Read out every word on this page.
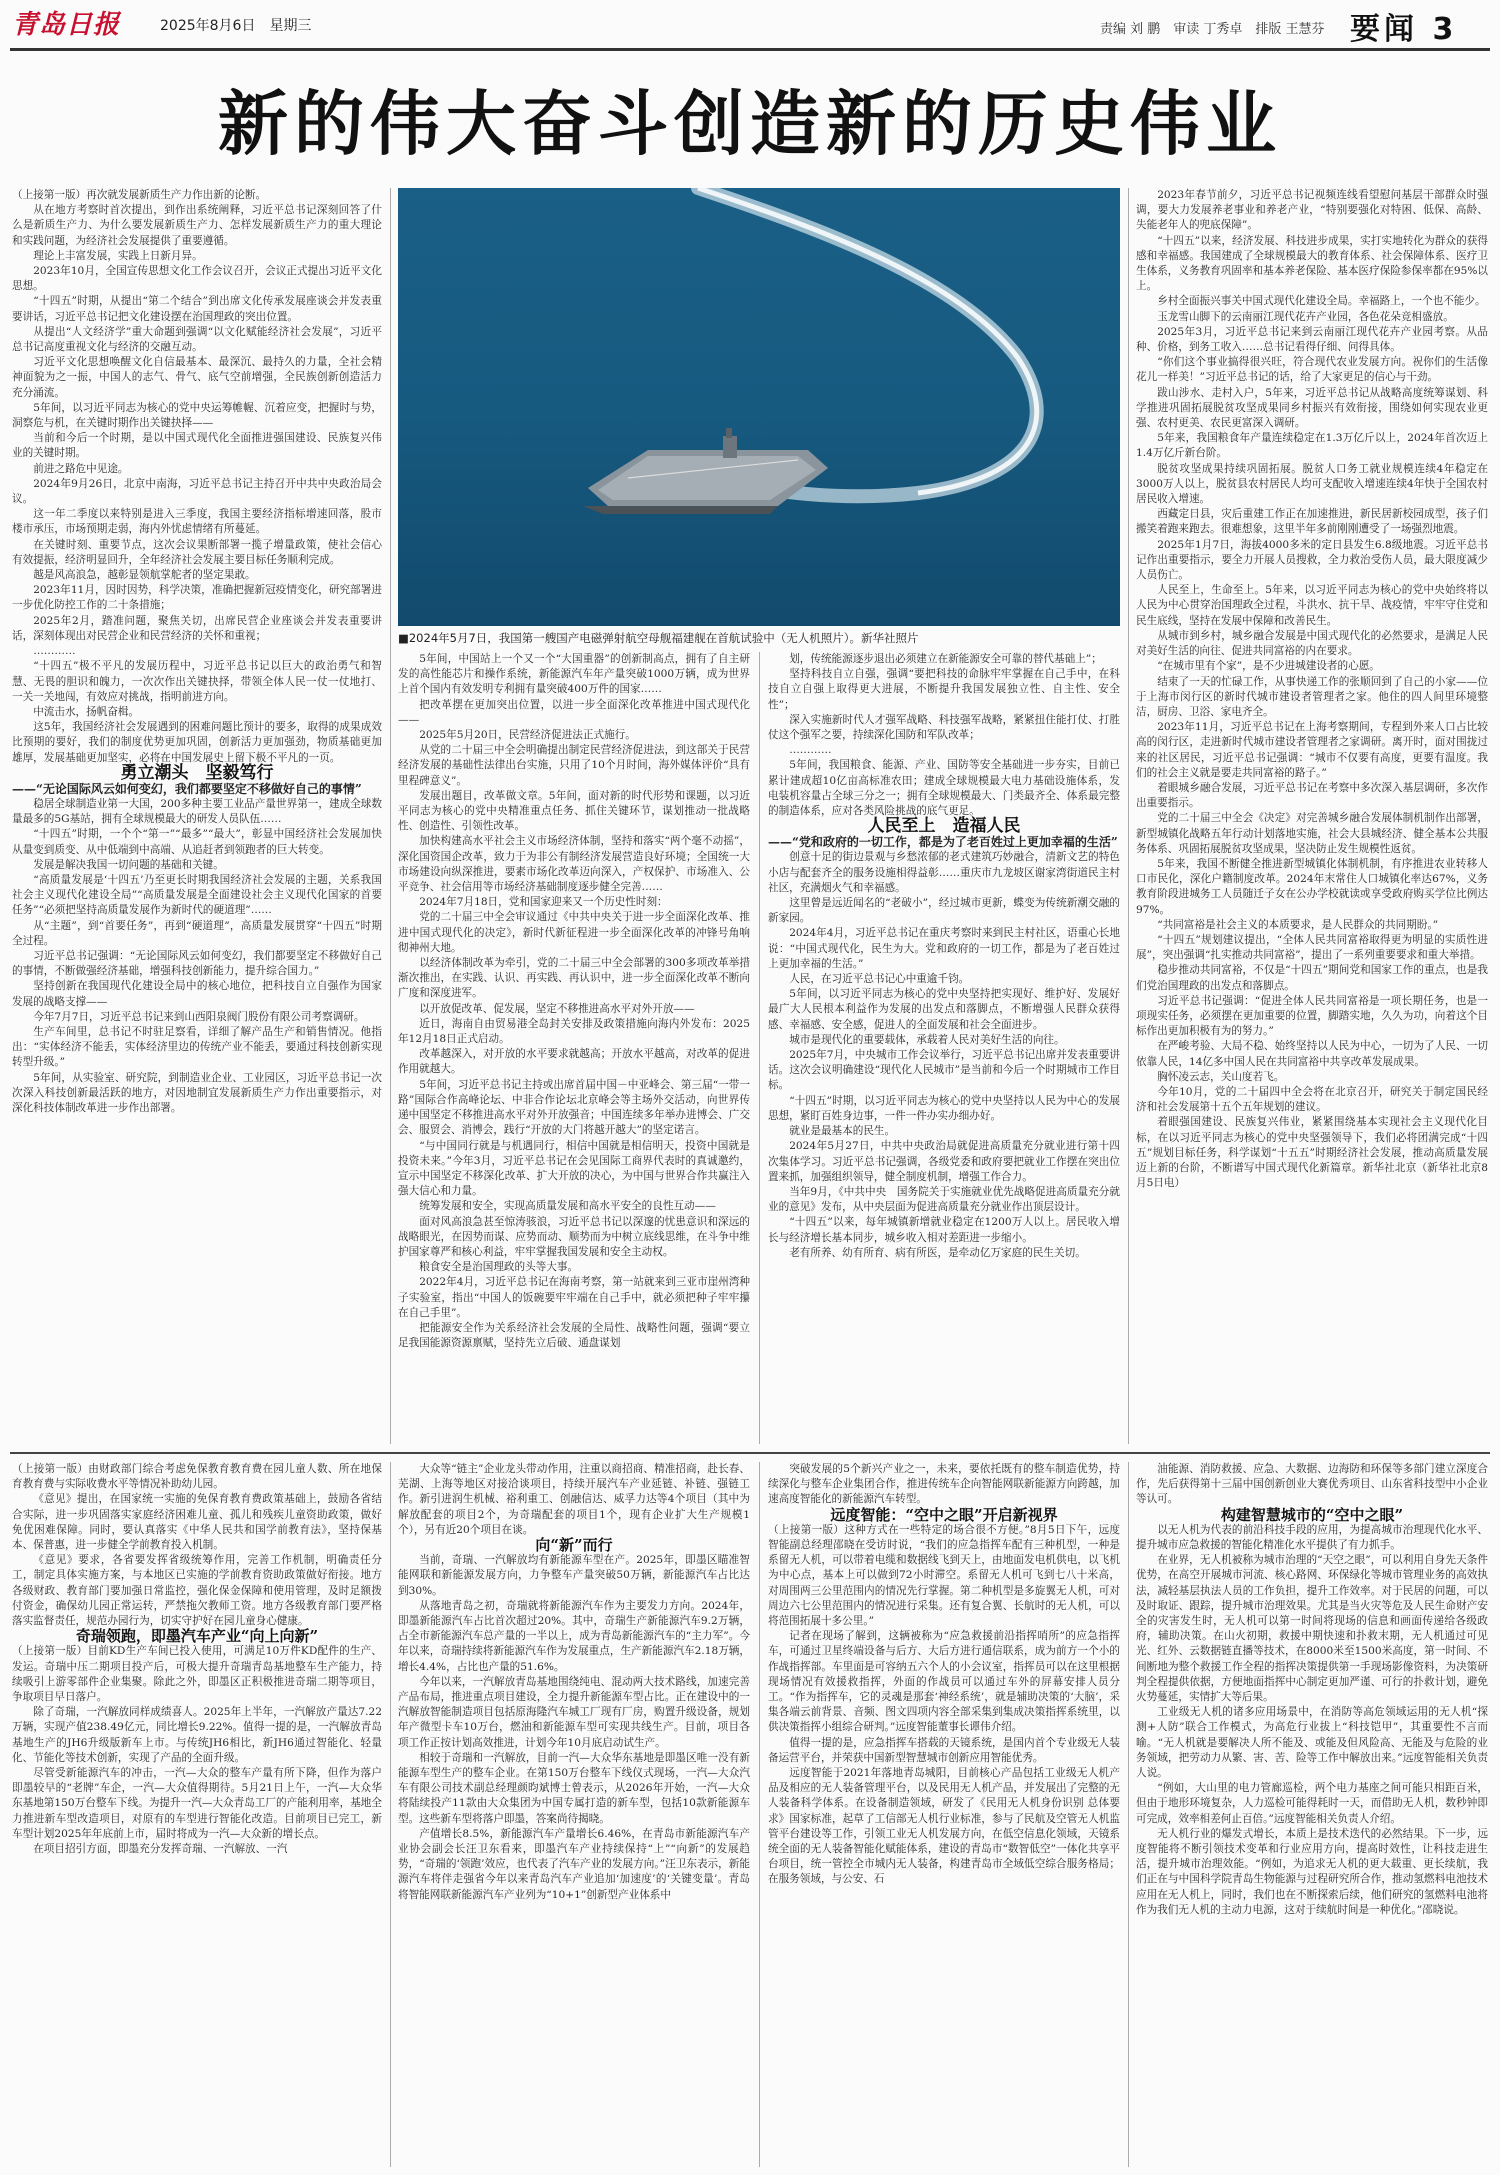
青岛日报	2025年8月6日　星期三	责编 刘 鹏　审读 丁秀卓　排版 王慧芬 要闻 3
新的伟大奋斗创造新的历史伟业
■2024年5月7日，我国第一艘国产电磁弹射航空母舰福建舰在首航试验中（无人机照片）。新华社照片

（上接第一版）再次就发展新质生产力作出新的论断。

从在地方考察时首次提出，到作出系统阐释，习近平总书记深刻回答了什么是新质生产力、为什么要发展新质生产力、怎样发展新质生产力的重大理论和实践问题，为经济社会发展提供了重要遵循。

理论上丰富发展，实践上日新月异。

2023年10月，全国宣传思想文化工作会议召开，会议正式提出习近平文化思想。

“十四五”时期，从提出“第二个结合”到出席文化传承发展座谈会并发表重要讲话，习近平总书记把文化建设摆在治国理政的突出位置。

从提出“人文经济学”重大命题到强调“以文化赋能经济社会发展”，习近平总书记高度重视文化与经济的交融互动。

习近平文化思想唤醒文化自信最基本、最深沉、最持久的力量，全社会精神面貌为之一振，中国人的志气、骨气、底气空前增强，全民族创新创造活力充分涌流。

5年间，以习近平同志为核心的党中央运筹帷幄、沉着应变，把握时与势，洞察危与机，在关键时期作出关键抉择——

当前和今后一个时期，是以中国式现代化全面推进强国建设、民族复兴伟业的关键时期。

前进之路危中见途。

2024年9月26日，北京中南海，习近平总书记主持召开中共中央政治局会议。

这一年二季度以来特别是进入三季度，我国主要经济指标增速回落，股市楼市承压，市场预期走弱，海内外忧虑情绪有所蔓延。

在关键时刻、重要节点，这次会议果断部署一揽子增量政策，使社会信心有效提振，经济明显回升，全年经济社会发展主要目标任务顺利完成。

越是风高浪急，越彰显领航掌舵者的坚定果敢。

2023年11月，因时因势，科学决策，准确把握新冠疫情变化，研究部署进一步优化防控工作的二十条措施；

2025年2月，踏准问题，聚焦关切，出席民营企业座谈会并发表重要讲话，深刻体现出对民营企业和民营经济的关怀和重视；

…………

“十四五”极不平凡的发展历程中，习近平总书记以巨大的政治勇气和智慧、无畏的胆识和魄力，一次次作出关键抉择，带领全体人民一仗一仗地打、一关一关地闯，有效应对挑战，指明前进方向。

中流击水，扬帆奋楫。

这5年，我国经济社会发展遇到的困难问题比预计的要多，取得的成果成效比预期的要好，我们的制度优势更加巩固，创新活力更加强劲，物质基础更加雄厚，发展基础更加坚实，必将在中国发展史上留下极不平凡的一页。

勇立潮头　坚毅笃行

——“无论国际风云如何变幻，我们都要坚定不移做好自己的事情”

稳居全球制造业第一大国，200多种主要工业品产量世界第一，建成全球数量最多的5G基站，拥有全球规模最大的研发人员队伍……

“十四五”时期，一个个“第一”“最多”“最大”，彰显中国经济社会发展加快从量变到质变、从中低端到中高端、从追赶者到领跑者的巨大转变。

发展是解决我国一切问题的基础和关键。

“高质量发展是‘十四五’乃至更长时期我国经济社会发展的主题，关系我国社会主义现代化建设全局”“高质量发展是全面建设社会主义现代化国家的首要任务”“必须把坚持高质量发展作为新时代的硬道理”……

从“主题”，到“首要任务”，再到“硬道理”，高质量发展贯穿“十四五”时期全过程。

习近平总书记强调：“无论国际风云如何变幻，我们都要坚定不移做好自己的事情，不断做强经济基础，增强科技创新能力，提升综合国力。”

坚持创新在我国现代化建设全局中的核心地位，把科技自立自强作为国家发展的战略支撑——

今年7月7日，习近平总书记来到山西阳泉阀门股份有限公司考察调研。

生产车间里，总书记不时驻足察看，详细了解产品生产和销售情况。他指出：“实体经济不能丢，实体经济里边的传统产业不能丢，要通过科技创新实现转型升级。”

5年间，从实验室、研究院，到制造业企业、工业园区，习近平总书记一次次深入科技创新最活跃的地方，对因地制宜发展新质生产力作出重要指示，对深化科技体制改革进一步作出部署。

5年间，中国站上一个又一个“大国重器”的创新制高点，拥有了自主研发的高性能芯片和操作系统，新能源汽车年产量突破1000万辆，成为世界上首个国内有效发明专利拥有量突破400万件的国家……

把改革摆在更加突出位置，以进一步全面深化改革推进中国式现代化——

2025年5月20日，民营经济促进法正式施行。

从党的二十届三中全会明确提出制定民营经济促进法，到这部关于民营经济发展的基础性法律出台实施，只用了10个月时间，海外媒体评价“具有里程碑意义”。

发展出题目，改革做文章。5年间，面对新的时代形势和课题，以习近平同志为核心的党中央精准重点任务、抓住关键环节，谋划推动一批战略性、创造性、引领性改革。

加快构建高水平社会主义市场经济体制，坚持和落实“两个毫不动摇”，深化国资国企改革，致力于为非公有制经济发展营造良好环境；全国统一大市场建设向纵深推进，要素市场化改革迈向深入，产权保护、市场准入、公平竞争、社会信用等市场经济基础制度逐步健全完善……

2024年7月18日，党和国家迎来又一个历史性时刻：

党的二十届三中全会审议通过《中共中央关于进一步全面深化改革、推进中国式现代化的决定》，新时代新征程进一步全面深化改革的冲锋号角响彻神州大地。

以经济体制改革为牵引，党的二十届三中全会部署的300多项改革举措渐次推出，在实践、认识、再实践、再认识中，进一步全面深化改革不断向广度和深度进军。

以开放促改革、促发展，坚定不移推进高水平对外开放——

近日，海南自由贸易港全岛封关安排及政策措施向海内外发布：2025年12月18日正式启动。

改革越深入，对开放的水平要求就越高；开放水平越高，对改革的促进作用就越大。

5年间，习近平总书记主持或出席首届中国－中亚峰会、第三届“一带一路”国际合作高峰论坛、中非合作论坛北京峰会等主场外交活动，向世界传递中国坚定不移推进高水平对外开放强音；中国连续多年举办进博会、广交会、服贸会、消博会，践行“开放的大门将越开越大”的坚定诺言。

“与中国同行就是与机遇同行，相信中国就是相信明天，投资中国就是投资未来。”今年3月，习近平总书记在会见国际工商界代表时的真诚邀约，宣示中国坚定不移深化改革、扩大开放的决心，为中国与世界合作共赢注入强大信心和力量。

统筹发展和安全，实现高质量发展和高水平安全的良性互动——

面对风高浪急甚至惊涛骇浪，习近平总书记以深邃的忧患意识和深远的战略眼光，在因势而谋、应势而动、顺势而为中树立底线思维，在斗争中维护国家尊严和核心利益，牢牢掌握我国发展和安全主动权。

粮食安全是治国理政的头等大事。

2022年4月，习近平总书记在海南考察，第一站就来到三亚市崖州湾种子实验室，指出“中国人的饭碗要牢牢端在自己手中，就必须把种子牢牢攥在自己手里”。

把能源安全作为关系经济社会发展的全局性、战略性问题，强调“要立足我国能源资源禀赋，坚持先立后破、通盘谋划

划，传统能源逐步退出必须建立在新能源安全可靠的替代基础上”；

坚持科技自立自强，强调“要把科技的命脉牢牢掌握在自己手中，在科技自立自强上取得更大进展，不断提升我国发展独立性、自主性、安全性”；

深入实施新时代人才强军战略、科技强军战略，紧紧扭住能打仗、打胜仗这个强军之要，持续深化国防和军队改革；

…………

5年间，我国粮食、能源、产业、国防等安全基础进一步夯实，目前已累计建成超10亿亩高标准农田；建成全球规模最大电力基础设施体系，发电装机容量占全球三分之一；拥有全球规模最大、门类最齐全、体系最完整的制造体系，应对各类风险挑战的底气更足。

人民至上　造福人民

——“党和政府的一切工作，都是为了老百姓过上更加幸福的生活”

创意十足的街边景观与乡愁浓郁的老式建筑巧妙融合，清新文艺的特色小店与配套齐全的服务设施相得益彰……重庆市九龙坡区谢家湾街道民主村社区，充满烟火气和幸福感。

这里曾是远近闻名的“老破小”，经过城市更新，蝶变为传统新潮交融的新家园。

2024年4月，习近平总书记在重庆考察时来到民主村社区，语重心长地说：“中国式现代化，民生为大。党和政府的一切工作，都是为了老百姓过上更加幸福的生活。”

人民，在习近平总书记心中重逾千钧。

5年间，以习近平同志为核心的党中央坚持把实现好、维护好、发展好最广大人民根本利益作为发展的出发点和落脚点，不断增强人民群众获得感、幸福感、安全感，促进人的全面发展和社会全面进步。

城市是现代化的重要载体，承载着人民对美好生活的向往。

2025年7月，中央城市工作会议举行，习近平总书记出席并发表重要讲话。这次会议明确建设“现代化人民城市”是当前和今后一个时期城市工作目标。

“十四五”时期，以习近平同志为核心的党中央坚持以人民为中心的发展思想，紧盯百姓身边事，一件一件办实办细办好。

就业是最基本的民生。

2024年5月27日，中共中央政治局就促进高质量充分就业进行第十四次集体学习。习近平总书记强调，各级党委和政府要把就业工作摆在突出位置来抓，加强组织领导，健全制度机制，增强工作合力。

当年9月，《中共中央　国务院关于实施就业优先战略促进高质量充分就业的意见》发布，从中央层面为促进高质量充分就业作出顶层设计。

“十四五”以来，每年城镇新增就业稳定在1200万人以上。居民收入增长与经济增长基本同步，城乡收入相对差距进一步缩小。

老有所养、幼有所育、病有所医，是牵动亿万家庭的民生关切。

2023年春节前夕，习近平总书记视频连线看望慰问基层干部群众时强调，要大力发展养老事业和养老产业，“特别要强化对特困、低保、高龄、失能老年人的兜底保障”。

“十四五”以来，经济发展、科技进步成果，实打实地转化为群众的获得感和幸福感。我国建成了全球规模最大的教育体系、社会保障体系、医疗卫生体系，义务教育巩固率和基本养老保险、基本医疗保险参保率都在95%以上。

乡村全面振兴事关中国式现代化建设全局。幸福路上，一个也不能少。

玉龙雪山脚下的云南丽江现代花卉产业园，各色花朵竞相盛放。

2025年3月，习近平总书记来到云南丽江现代花卉产业园考察。从品种、价格，到务工收入……总书记看得仔细、问得具体。

“你们这个事业搞得很兴旺，符合现代农业发展方向。祝你们的生活像花儿一样美！”习近平总书记的话，给了大家更足的信心与干劲。

跋山涉水、走村入户，5年来，习近平总书记从战略高度统筹谋划、科学推进巩固拓展脱贫攻坚成果同乡村振兴有效衔接，围绕如何实现农业更强、农村更美、农民更富深入调研。

5年来，我国粮食年产量连续稳定在1.3万亿斤以上，2024年首次迈上1.4万亿斤新台阶。

脱贫攻坚成果持续巩固拓展。脱贫人口务工就业规模连续4年稳定在3000万人以上，脱贫县农村居民人均可支配收入增速连续4年快于全国农村居民收入增速。

西藏定日县，灾后重建工作正在加速推进，新民居新校园成型，孩子们搬笑着跑来跑去。很难想象，这里半年多前刚刚遭受了一场强烈地震。

2025年1月7日，海拔4000多米的定日县发生6.8级地震。习近平总书记作出重要指示，要全力开展人员搜救，全力救治受伤人员，最大限度减少人员伤亡。

人民至上，生命至上。5年来，以习近平同志为核心的党中央始终将以人民为中心贯穿治国理政全过程，斗洪水、抗干旱、战疫情，牢牢守住党和民生底线，坚持在发展中保障和改善民生。

从城市到乡村，城乡融合发展是中国式现代化的必然要求，是满足人民对美好生活的向往、促进共同富裕的内在要求。

“在城市里有个家”，是不少进城建设者的心愿。

结束了一天的忙碌工作，从事快递工作的张顺回到了自己的小家——位于上海市闵行区的新时代城市建设者管理者之家。他住的四人间里环境整洁，厨房、卫浴、家电齐全。

2023年11月，习近平总书记在上海考察期间，专程到外来人口占比较高的闵行区，走进新时代城市建设者管理者之家调研。离开时，面对围拢过来的社区居民，习近平总书记强调：“城市不仅要有高度，更要有温度。我们的社会主义就是要走共同富裕的路子。”

着眼城乡融合发展，习近平总书记在考察中多次深入基层调研，多次作出重要指示。

党的二十届三中全会《决定》对完善城乡融合发展体制机制作出部署，新型城镇化战略五年行动计划落地实施，社会大县城经济、健全基本公共服务体系、巩固拓展脱贫攻坚成果，坚决防止发生规模性返贫。

5年来，我国不断健全推进新型城镇化体制机制，有序推进农业转移人口市民化，深化户籍制度改革。2024年末常住人口城镇化率达67%，义务教育阶段进城务工人员随迁子女在公办学校就读或享受政府购买学位比例达97%。

“共同富裕是社会主义的本质要求，是人民群众的共同期盼。”

“十四五”规划建议提出，“全体人民共同富裕取得更为明显的实质性进展”，突出强调“扎实推动共同富裕”，提出了一系列重要要求和重大举措。

稳步推动共同富裕，不仅是“十四五”期间党和国家工作的重点，也是我们党治国理政的出发点和落脚点。

习近平总书记强调：“促进全体人民共同富裕是一项长期任务，也是一项现实任务，必须摆在更加重要的位置，脚踏实地，久久为功，向着这个目标作出更加积极有为的努力。”

在严峻考验、大局不稳、始终坚持以人民为中心，一切为了人民、一切依靠人民，14亿多中国人民在共同富裕中共享改革发展成果。

胸怀凌云志，关山度若飞。

今年10月，党的二十届四中全会将在北京召开，研究关于制定国民经济和社会发展第十五个五年规划的建议。

着眼强国建设、民族复兴伟业，紧紧围绕基本实现社会主义现代化目标，在以习近平同志为核心的党中央坚强领导下，我们必将团满完成“十四五”规划目标任务，科学谋划“十五五”时期经济社会发展，推动高质量发展迈上新的台阶，不断谱写中国式现代化新篇章。新华社北京（新华社北京8月5日电）

（上接第一版）由财政部门综合考虑免保教育教育费在园儿童人数、所在地保育教育费与实际收费水平等情况补助幼儿园。

《意见》提出，在国家统一实施的免保育教育费政策基础上，鼓励各省结合实际，进一步巩固落实家庭经济困难儿童、孤儿和残疾儿童资助政策，做好免优困难保障。同时，要认真落实《中华人民共和国学前教育法》，坚持保基本、保普惠，进一步健全学前教育投入机制。

《意见》要求，各省要发挥省级统筹作用，完善工作机制，明确责任分工，制定具体实施方案，与本地区已实施的学前教育资助政策做好衔接。地方各级财政、教育部门要加强日常监控，强化保金保障和使用管理，及时足额拨付资金，确保幼儿园正常运转，严禁拖欠教师工资。地方各级教育部门要严格落实监督责任，规范办园行为，切实守护好在园儿童身心健康。

奇瑞领跑，即墨汽车产业“向上向新”

（上接第一版）目前KD生产车间已投入使用，可满足10万件KD配件的生产、发运。奇瑞中压二期项目投产后，可极大提升奇瑞青岛基地整车生产能力，持续吸引上游零部件企业集聚。除此之外，即墨区正积极推进奇瑞二期等项目，争取项目早日落户。

除了奇瑞，一汽解放同样成绩喜人。2025年上半年，一汽解放产量达7.22万辆，实现产值238.49亿元，同比增长9.22%。值得一提的是，一汽解放青岛基地生产的JH6升级版新车上市。与传统JH6相比，新JH6通过智能化、轻量化、节能化等技术创新，实现了产品的全面升级。

尽管受新能源汽车的冲击，一汽—大众的整车产量有所下降，但作为落户即墨较早的“老牌”车企，一汽—大众值得期待。5月21日上午，一汽—大众华东基地第150万台整车下线。为提升一汽—大众青岛工厂的产能利用率，基地全力推进新车型改造项目，对原有的车型进行智能化改造。目前项目已完工，新车型计划2025年年底前上市，届时将成为一汽—大众新的增长点。

在项目招引方面，即墨充分发挥奇瑞、一汽解放、一汽

大众等“链主”企业龙头带动作用，注重以商招商、精准招商，赴长春、芜湖、上海等地区对接洽谈项目，持续开展汽车产业延链、补链、强链工作。新引进润生机械、裕利重工、创融信达、威孚力达等4个项目（其中为解放配套的项目2个，为奇瑞配套的项目1个，现有企业扩大生产规模1个），另有近20个项目在谈。

向“新”而行

当前，奇瑞、一汽解放均有新能源车型在产。2025年，即墨区瞄准智能网联和新能源发展方向，力争整车产量突破50万辆，新能源汽车占比达到30%。

从落地青岛之初，奇瑞就将新能源汽车作为主要发力方向。2024年，即墨新能源汽车占比首次超过20%。其中，奇瑞生产新能源汽车9.2万辆，占全市新能源汽车总产量的一半以上，成为青岛新能源汽车的“主力军”。今年以来，奇瑞持续将新能源汽车作为发展重点，生产新能源汽车2.18万辆，增长4.4%，占比也产量的51.6%。

今年以来，一汽解放青岛基地围绕纯电、混动两大技术路线，加速完善产品布局，推进重点项目建设，全力提升新能源车型占比。正在建设中的一汽解放智能制造项目包括原海隆汽车城工厂现有厂房，购置升级设备，规划年产微型卡车10万台，燃油和新能源车型可实现共线生产。目前，项目各项工作正按计划高效推进，计划今年10月底启动试生产。

相较于奇瑞和一汽解放，目前一汽—大众华东基地是即墨区唯一没有新能源车型生产的整车企业。在第150万台整车下线仪式现场，一汽—大众汽车有限公司技术副总经理颜昀斌博士曾表示，从2026年开始，一汽—大众将陆续投产11款由大众集团为中国专属打造的新车型，包括10款新能源车型。这些新车型将落户即墨，答案尚待揭晓。

产值增长8.5%，新能源汽车产量增长6.46%，在青岛市新能源汽车产业协会副会长汪卫东看来，即墨汽车产业持续保持“上”“向新”的发展趋势，“奇瑞的‘领跑’效应，也代表了汽车产业的发展方向。”汪卫东表示，新能源汽车将伴走强省今年以来青岛汽车产业追加‘加速度’的‘关键变量’。青岛将智能网联新能源汽车产业列为“10+1”创新型产业体系中

突破发展的5个新兴产业之一，未来，要依托既有的整车制造优势，持续深化与整车企业集团合作，推进传统车企向智能网联新能源方向跨越，加速高度智能化的新能源汽车转型。

远度智能：“空中之眼”开启新视界

（上接第一版）这种方式在一些特定的场合很不方便。”8月5日下午，远度智能副总经理邵晓在受访时说，“我们的应急指挥车配有三种机型，一种是系留无人机，可以带着电缆和数据线飞到天上，由地面发电机供电，以飞机为中心点，基本上可以做到72小时滞空。系留无人机可飞到七八十米高，对周围两三公里范围内的情况先行掌握。第二种机型是多旋翼无人机，可对周边六七公里范围内的情况进行采集。还有复合翼、长航时的无人机，可以将范围拓展十多公里。”

记者在现场了解到，这辆被称为“应急救援前沿指挥哨所”的应急指挥车，可通过卫星终端设备与后方、大后方进行通信联系，成为前方一个小的作战指挥部。车里面是可容纳五六个人的小会议室，指挥员可以在这里根据现场情况有效援救指挥，外面的作战员可以通过车外的屏幕安排人员分工。“作为指挥车，它的灵魂是那套‘神经系统’，就是辅助决策的‘大脑’，采集各端云前背景、音频、图文四项内容全部采集到集成决策指挥系统里，以供决策指挥小组综合研判。”远度智能董事长谭伟介绍。

值得一提的是，应急指挥车搭载的天镜系统，是国内首个专业级无人装备运营平台，并荣获中国新型智慧城市创新应用智能优秀。

远度智能于2021年落地青岛城阳，目前核心产品包括工业级无人机产品及相应的无人装备管理平台，以及民用无人机产品，并发展出了完整的无人装备科学体系。在设备制造领域，研发了《民用无人机身份识别 总体要求》国家标准，起草了工信部无人机行业标准，参与了民航及空管无人机监管平台建设等工作，引领工业无人机发展方向，在低空信息化领域，天镜系统全面的无人装备智能化赋能体系，建设的青岛市“数智低空”一体化共享平台项目，统一管控全市城内无人装备，构建青岛市全域低空综合服务格局；在服务领域，与公安、石

油能源、消防救援、应急、大数据、边海防和环保等多部门建立深度合作，先后获得第十三届中国创新创业大赛优秀项目、山东省科技型中小企业等认可。

构建智慧城市的“空中之眼”

以无人机为代表的前沿科技手段的应用，为提高城市治理现代化水平、提升城市应急救援的智能化精准化水平提供了有力抓手。

在业界，无人机被称为城市治理的“天空之眼”，可以利用自身先天条件优势，在高空开展城市河流、核心路网、环保绿化等城市管理业务的高效执法，减轻基层执法人员的工作负担，提升工作效率。对于民居的问题，可以及时取证、跟踪，提升城市治理效果。尤其是当火灾等危及人民生命财产安全的灾害发生时，无人机可以第一时间将现场的信息和画面传递给各级政府，辅助决策。在山火初期，救援中期快速和扑救末期，无人机通过可见光、红外、云数据链直播等技术，在8000米至1500米高度，第一时间、不间断地为整个救援工作全程的指挥决策提供第一手现场影像资料，为决策研判全程提供依据，方便地面指挥中心制定更加严谨、可行的扑救计划，避免火势蔓延，实情扩大等后果。

工业级无人机的诸多应用场景中，在消防等高危领域运用的无人机“探测+人防”联合工作模式，为高危行业拔上“科技铠甲”，其重要性不言而喻。“无人机就是要解决人所不能及、或能及但风险高、无能及与危险的业务领域，把劳动力从繁、害、苦、险等工作中解放出来。”远度智能相关负责人说。

“例如，大山里的电力管廊巡检，两个电力基座之间可能只相距百米，但由于地形环境复杂，人力巡检可能得耗时一天，而借助无人机，数秒钟即可完成，效率相差何止百倍。”远度智能相关负责人介绍。

无人机行业的爆发式增长，本质上是技术迭代的必然结果。下一步，远度智能将不断引领技术变革和行业应用方向，提高时效性，让科技走进生活，提升城市治理效能。“例如，为追求无人机的更大载重、更长续航，我们正在与中国科学院青岛生物能源与过程研究所合作，推动氢燃料电池技术应用在无人机上，同时，我们也在不断探索后续，他们研究的氢燃料电池将作为我们无人机的主动力电源，这对于续航时间是一种优化。”邵晓说。
